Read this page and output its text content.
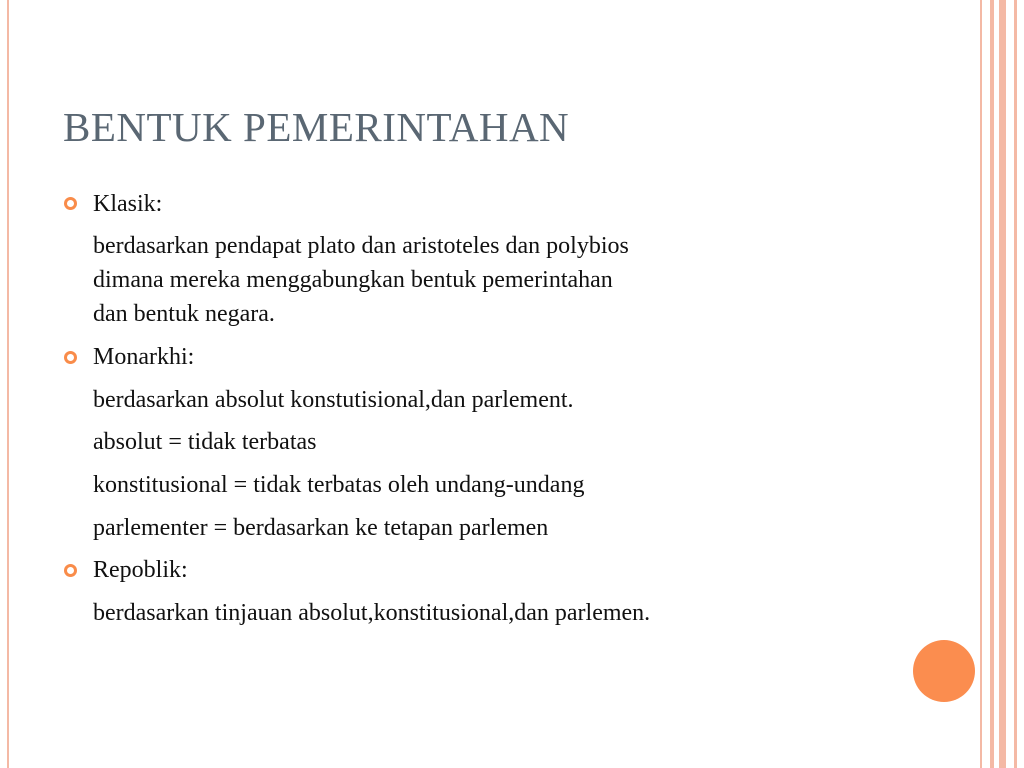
BENTUK PEMERINTAHAN
Klasik:
berdasarkan pendapat plato dan aristoteles dan polybios
dimana mereka menggabungkan bentuk pemerintahan
dan bentuk negara.
Monarkhi:
berdasarkan absolut konstutisional,dan parlement.
absolut = tidak terbatas
konstitusional = tidak terbatas oleh undang-undang
parlementer = berdasarkan ke tetapan parlemen
Repoblik:
berdasarkan tinjauan absolut,konstitusional,dan parlemen.
